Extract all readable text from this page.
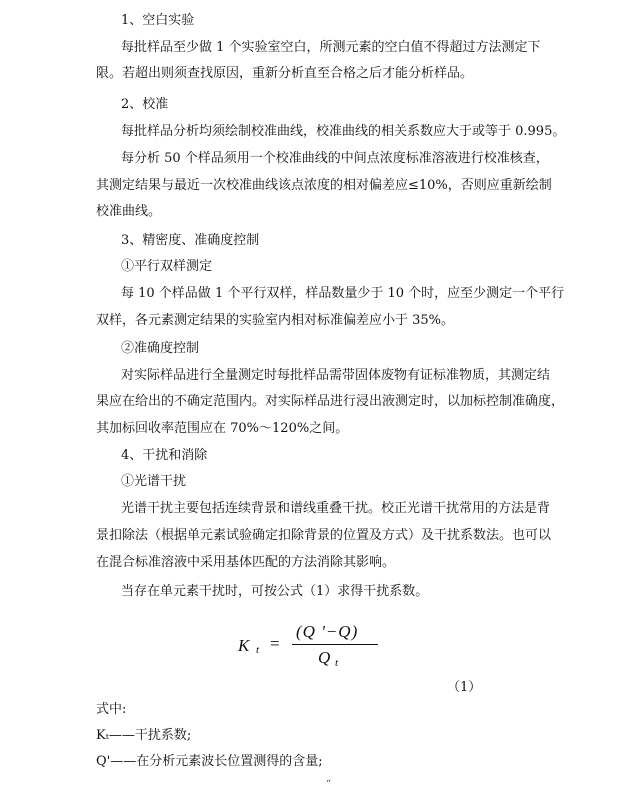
1、空白实验
每批样品至少做 1 个实验室空白，所测元素的空白值不得超过方法测定下
限。若超出则须查找原因，重新分析直至合格之后才能分析样品。
2、校准
每批样品分析均须绘制校准曲线，校准曲线的相关系数应大于或等于 0.995。
每分析 50 个样品须用一个校准曲线的中间点浓度标准溶液进行校准核查，
其测定结果与最近一次校准曲线该点浓度的相对偏差应≤10%，否则应重新绘制
校准曲线。
3、精密度、准确度控制
①平行双样测定
每 10 个样品做 1 个平行双样，样品数量少于 10 个时，应至少测定一个平行
双样，各元素测定结果的实验室内相对标准偏差应小于 35%。
②准确度控制
对实际样品进行全量测定时每批样品需带固体废物有证标准物质，其测定结
果应在给出的不确定范围内。对实际样品进行浸出液测定时，以加标控制准确度，
其加标回收率范围应在 70%～120%之间。
4、干扰和消除
①光谱干扰
光谱干扰主要包括连续背景和谱线重叠干扰。校正光谱干扰常用的方法是背
景扣除法（根据单元素试验确定扣除背景的位置及方式）及干扰系数法。也可以
在混合标准溶液中采用基体匹配的方法消除其影响。
当存在单元素干扰时，可按公式（1）求得干扰系数。
K t =
(Q '−Q)
Q t
（1）
式中:
Kₜ——干扰系数;
Q'——在分析元素波长位置测得的含量;
“
